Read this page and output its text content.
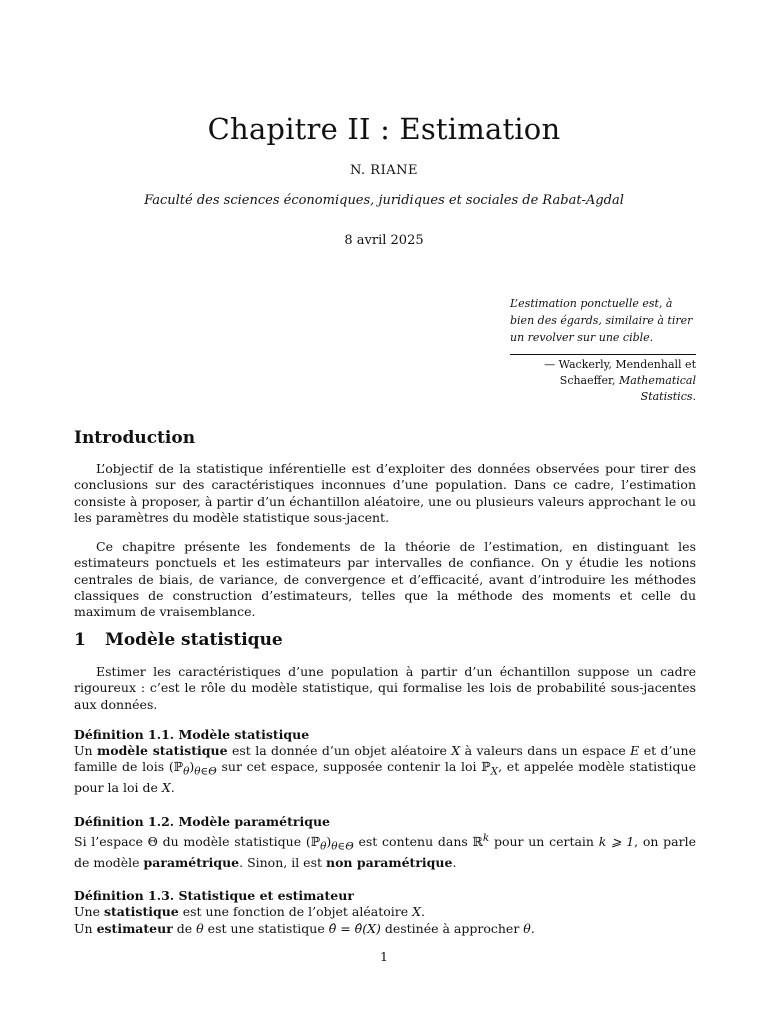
Chapitre II : Estimation
N. RIANE
Faculté des sciences économiques, juridiques et sociales de Rabat-Agdal
8 avril 2025
L’estimation ponctuelle est, à bien des égards, similaire à tirer un revolver sur une cible.
— Wackerly, Mendenhall et Schaeffer, Mathematical Statistics.
Introduction

L’objectif de la statistique inférentielle est d’exploiter des données observées pour tirer des conclusions sur des caractéristiques inconnues d’une population. Dans ce cadre, l’estimation consiste à proposer, à partir d’un échantillon aléatoire, une ou plusieurs valeurs approchant le ou les paramètres du modèle statistique sous-jacent.

Ce chapitre présente les fondements de la théorie de l’estimation, en distinguant les estimateurs ponctuels et les estimateurs par intervalles de confiance. On y étudie les notions centrales de biais, de variance, de convergence et d’efficacité, avant d’introduire les méthodes classiques de construction d’estimateurs, telles que la méthode des moments et celle du maximum de vraisemblance.

1 Modèle statistique

Estimer les caractéristiques d’une population à partir d’un échantillon suppose un cadre rigoureux : c’est le rôle du modèle statistique, qui formalise les lois de probabilité sous-jacentes aux données.

Définition 1.1. Modèle statistique

Un modèle statistique est la donnée d’un objet aléatoire X à valeurs dans un espace E et d’une famille de lois $(ℙ_\theta)_{\theta\in\Theta}$ sur cet espace, supposée contenir la loi ℙ$_X$, et appelée modèle statistique pour la loi de X.

Définition 1.2. Modèle paramétrique

Si l’espace Θ du modèle statistique $(ℙ_\theta)_{\theta\in\Theta}$ est contenu dans ℝ$^k$ pour un certain k ⩾ 1, on parle de modèle paramétrique. Sinon, il est non paramétrique.

Définition 1.3. Statistique et estimateur
Une statistique est une fonction de l’objet aléatoire X.
Un estimateur de θ est une statistique θ̂ = θ̂(X) destinée à approcher θ.
1
